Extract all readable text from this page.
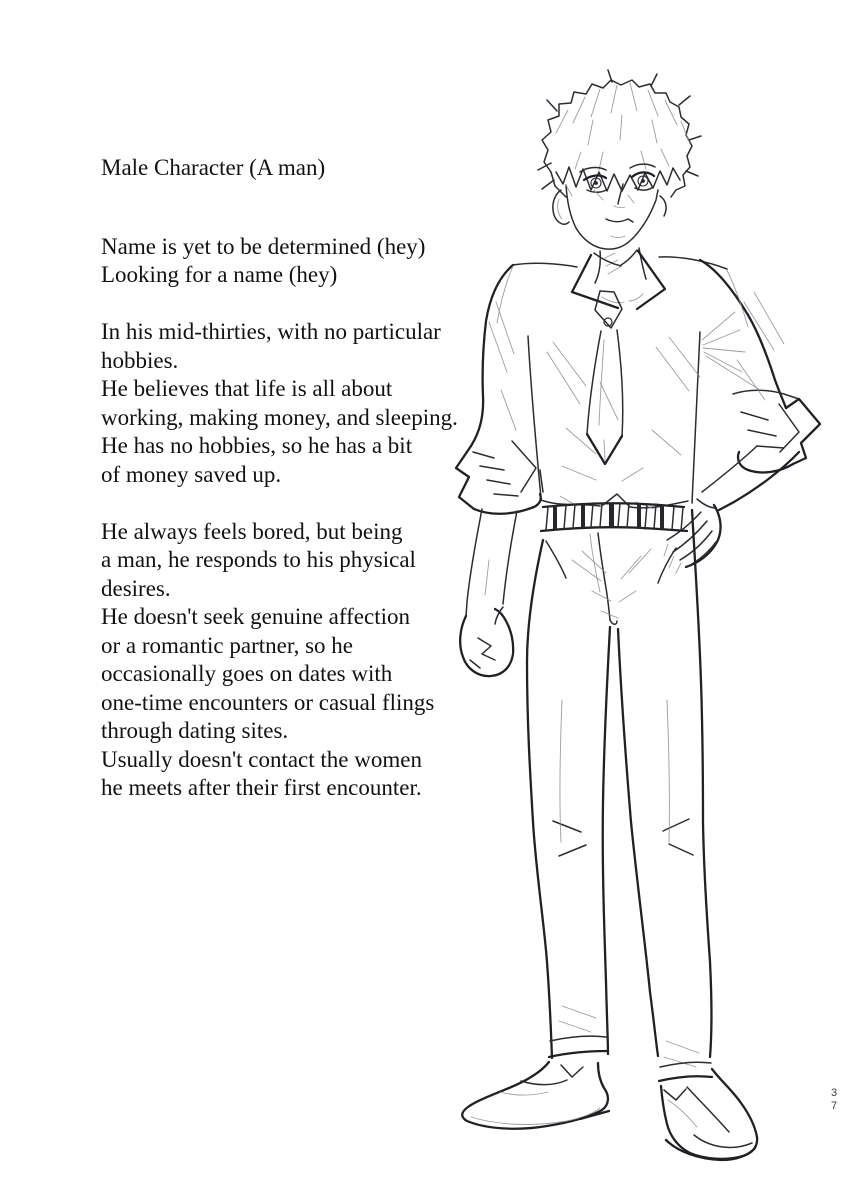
Male Character (A man)
Name is yet to be determined (hey)
Looking for a name (hey)
In his mid-thirties, with no particular
hobbies.
He believes that life is all about
working, making money, and sleeping.
He has no hobbies, so he has a bit
of money saved up.
He always feels bored, but being
a man, he responds to his physical
desires.
He doesn't seek genuine affection
or a romantic partner, so he
occasionally goes on dates with
one-time encounters or casual flings
through dating sites.
Usually doesn't contact the women
he meets after their first encounter.
3
7
